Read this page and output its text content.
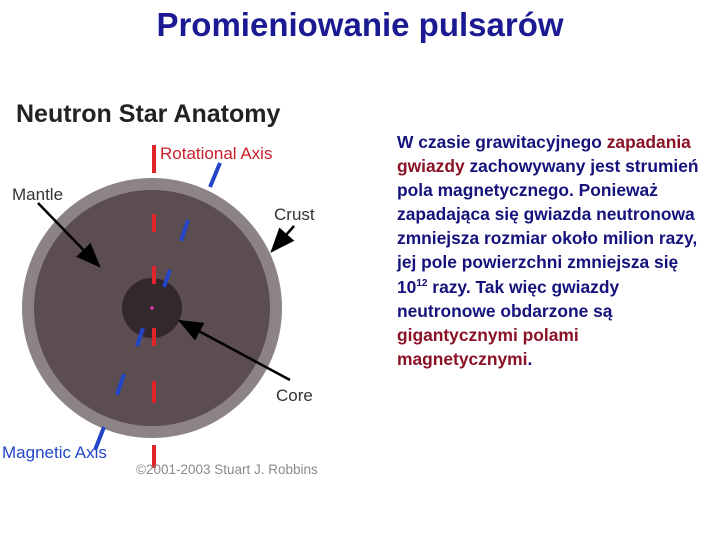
Promieniowanie pulsarów
Neutron Star Anatomy
Rotational Axis
Mantle
Crust
Core
Magnetic Axis
©2001-2003 Stuart J. Robbins
W czasie grawitacyjnego zapadania gwiazdy zachowywany jest strumień pola magnetycznego. Ponieważ zapadająca się gwiazda neutronowa zmniejsza rozmiar około milion razy, jej pole powierzchni zmniejsza się $10^{12}$ razy. Tak więc gwiazdy neutronowe obdarzone są gigantycznymi polami magnetycznymi.
